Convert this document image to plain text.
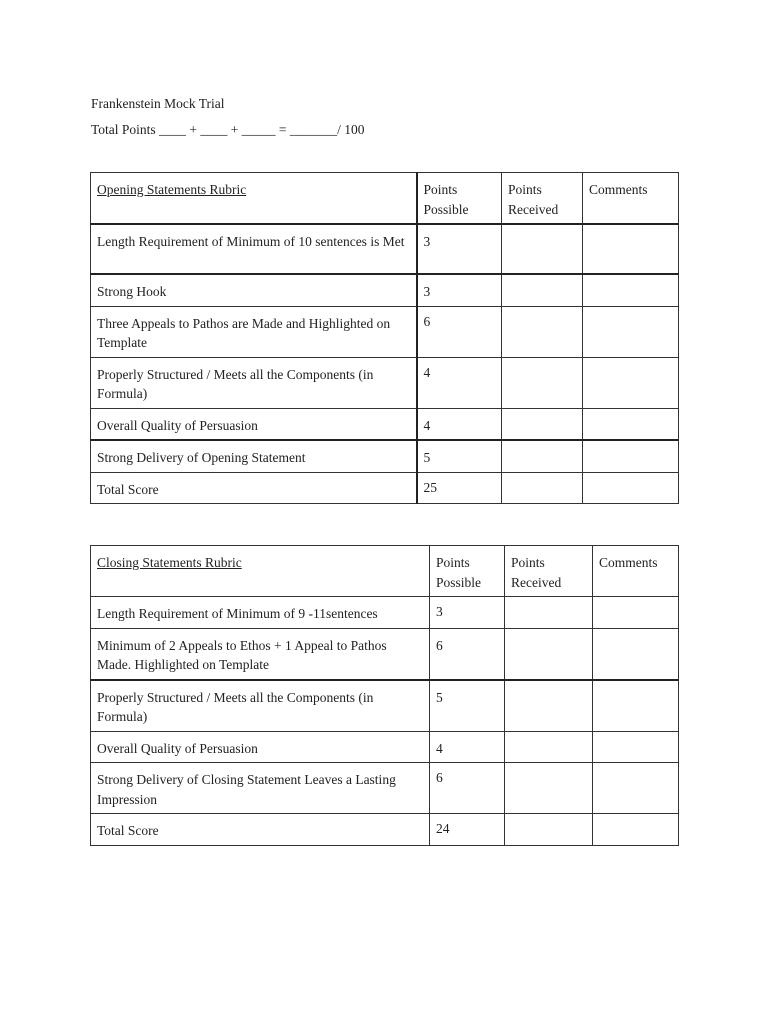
Frankenstein Mock Trial
Total Points ____ + ____ + _____ = _______/ 100
Opening Statements Rubric	Points Possible	Points Received	Comments
Length Requirement of Minimum of 10 sentences is Met	3		
Strong Hook	3		
Three Appeals to Pathos are Made and Highlighted on Template	6		
Properly Structured / Meets all the Components (in Formula)	4		
Overall Quality of Persuasion	4		
Strong Delivery of Opening Statement	5		
Total Score	25		
Closing Statements Rubric	Points Possible	Points Received	Comments
Length Requirement of Minimum of 9 -11sentences	3		
Minimum of 2 Appeals to Ethos + 1 Appeal to Pathos Made. Highlighted on Template	6		
Properly Structured / Meets all the Components (in Formula)	5		
Overall Quality of Persuasion	4		
Strong Delivery of Closing Statement Leaves a Lasting Impression	6		
Total Score	24		
